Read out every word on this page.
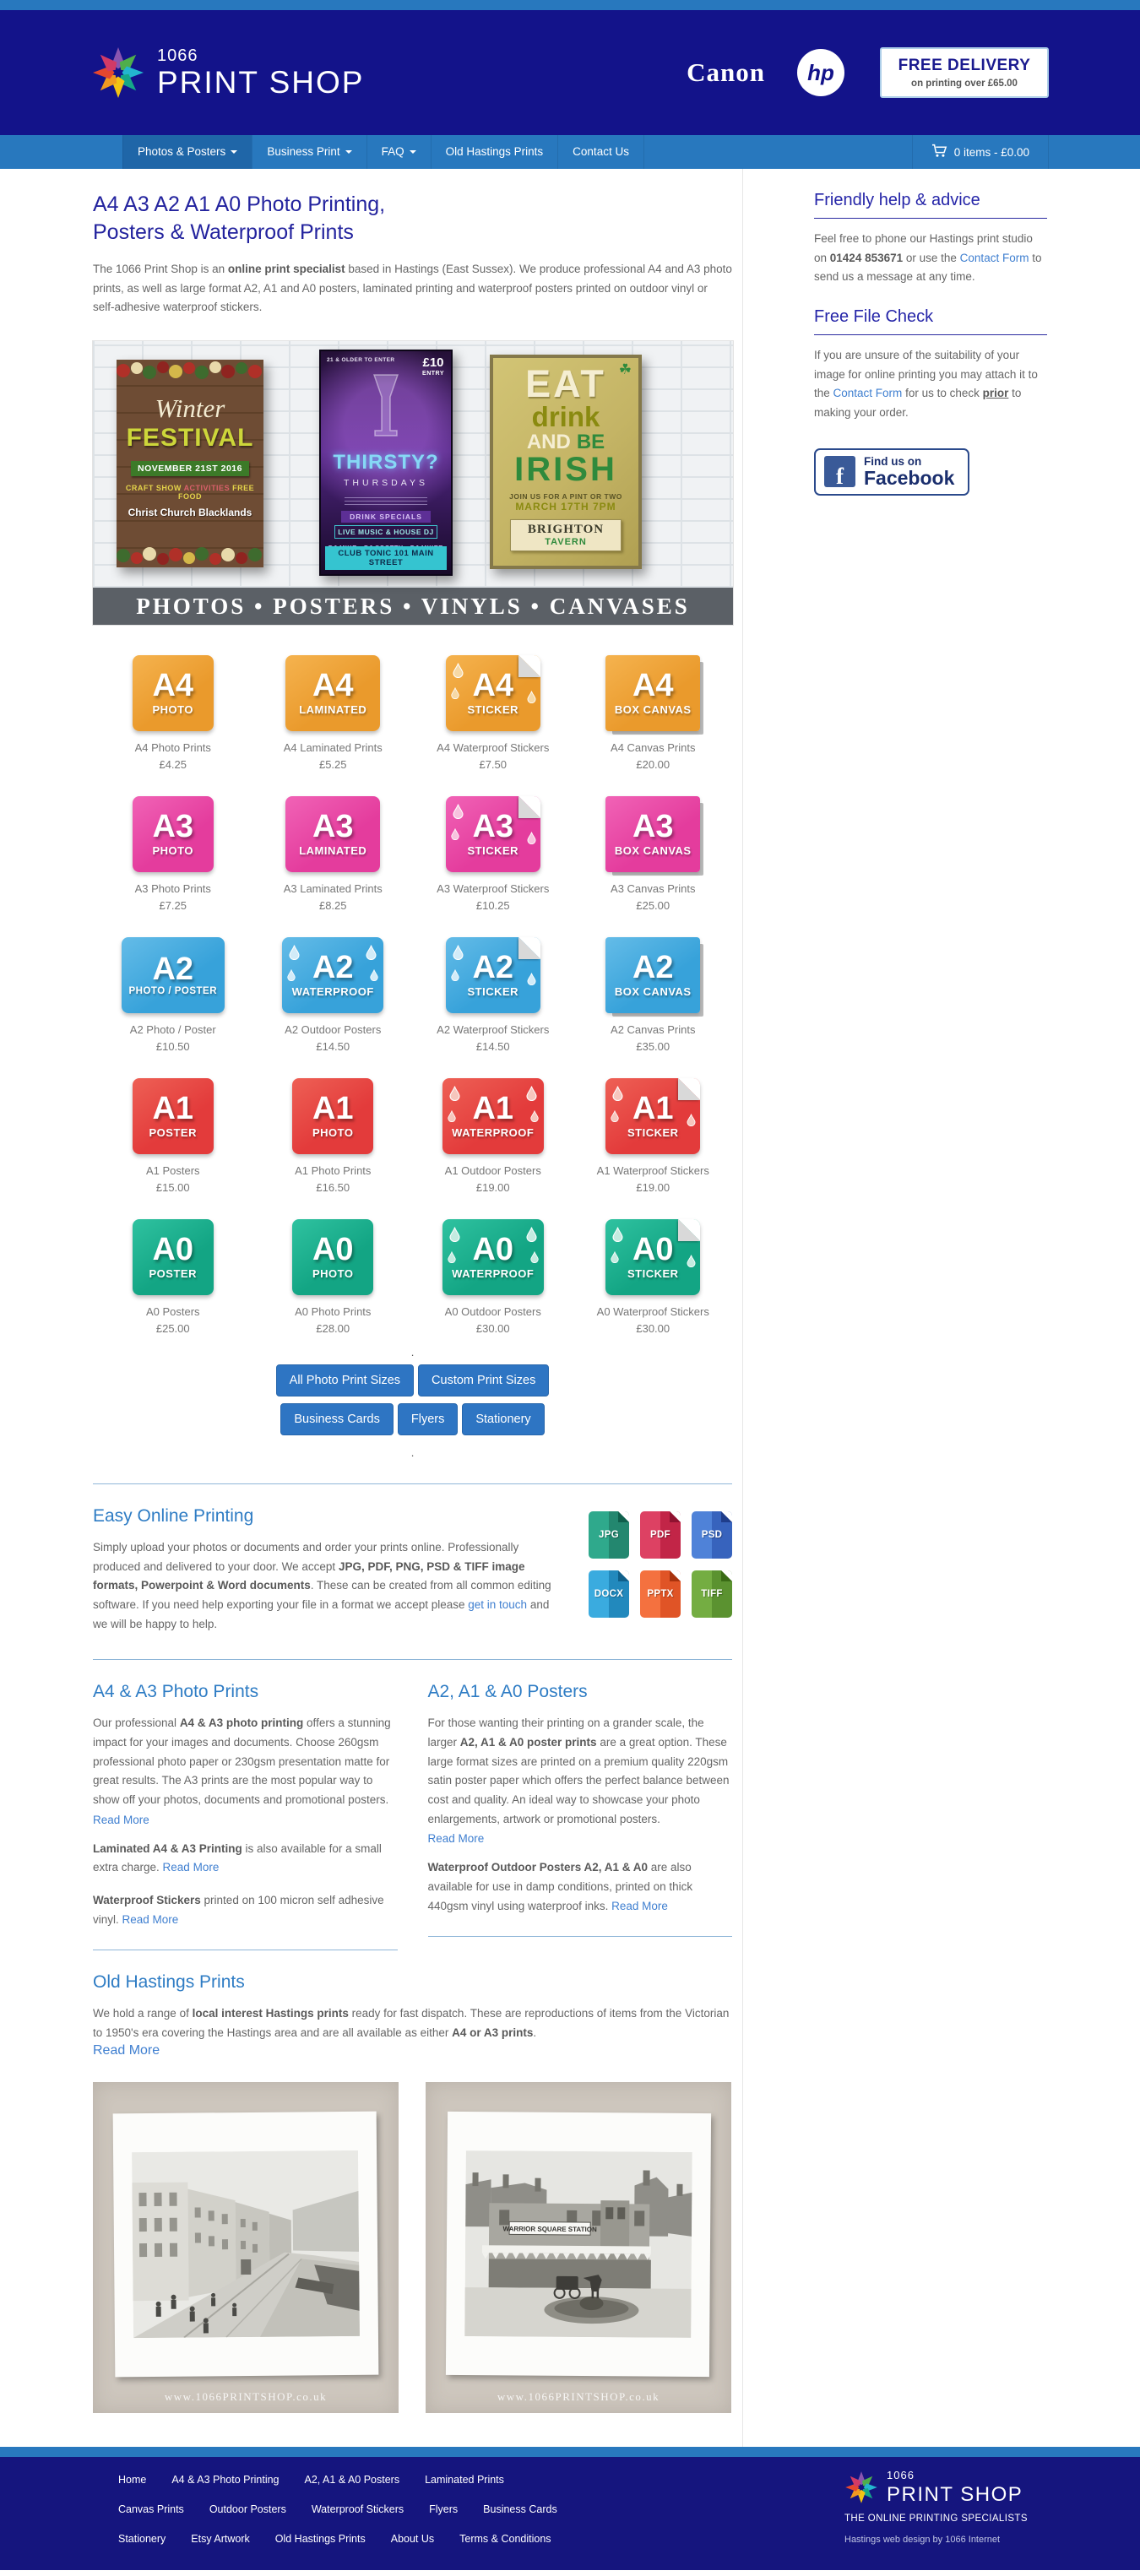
1066
PRINT SHOP	Canon	hp	FREE DELIVERY
on printing over £65.00
Photos & Posters	Business Print	FAQ	Old Hastings Prints	Contact Us	0 items - £0.00
A4 A3 A2 A1 A0 Photo Printing,
Posters & Waterproof Prints

The 1066 Print Shop is an online print specialist based in Hastings (East Sussex). We produce professional A4 and A3 photo prints, as well as large format A2, A1 and A0 posters, laminated printing and waterproof posters printed on outdoor vinyl or self-adhesive waterproof stickers.

Winter
FESTIVAL
NOVEMBER 21ST 2016
CRAFT SHOW ACTIVITIES FREE FOOD
Christ Church Blacklands
21 & OLDER TO ENTER £10
ENTRY
THIRSTY?
THURSDAYS
DRINK SPECIALS
LIVE MUSIC & HOUSE DJ
CLUB TONIC 101 MAIN STREET
☘
EAT
drink
AND BE
IRISH
JOIN US FOR A PINT OR TWO
MARCH 17TH 7PM
BRIGHTON
TAVERN
PHOTOS • POSTERS • VINYLS • CANVASES
A4
PHOTO
A4 Photo Prints
£4.25
A4
LAMINATED
A4 Laminated Prints
£5.25
A4
STICKER
A4 Waterproof Stickers
£7.50
A4
BOX CANVAS
A4 Canvas Prints
£20.00
A3
PHOTO
A3 Photo Prints
£7.25
A3
LAMINATED
A3 Laminated Prints
£8.25
A3
STICKER
A3 Waterproof Stickers
£10.25
A3
BOX CANVAS
A3 Canvas Prints
£25.00
A2
PHOTO / POSTER
A2 Photo / Poster
£10.50
A2
WATERPROOF
A2 Outdoor Posters
£14.50
A2
STICKER
A2 Waterproof Stickers
£14.50
A2
BOX CANVAS
A2 Canvas Prints
£35.00
A1
POSTER
A1 Posters
£15.00
A1
PHOTO
A1 Photo Prints
£16.50
A1
WATERPROOF
A1 Outdoor Posters
£19.00
A1
STICKER
A1 Waterproof Stickers
£19.00
A0
POSTER
A0 Posters
£25.00
A0
PHOTO
A0 Photo Prints
£28.00
A0
WATERPROOF
A0 Outdoor Posters
£30.00
A0
STICKER
A0 Waterproof Stickers
£30.00
.
All Photo Print Sizes	Custom Print Sizes
Business Cards	Flyers	Stationery
.
Easy Online Printing

Simply upload your photos or documents and order your prints online. Professionally produced and delivered to your door. We accept JPG, PDF, PNG, PSD & TIFF image formats, Powerpoint & Word documents. These can be created from all common editing software. If you need help exporting your file in a format we accept please get in touch and we will be happy to help.

JPG	PDF	PSD
DOCX PPTX	TIFF
A4 & A3 Photo Prints

Our professional A4 & A3 photo printing offers a stunning impact for your images and documents. Choose 260gsm professional photo paper or 230gsm presentation matte for great results. The A3 prints are the most popular way to show off your photos, documents and promotional posters.

Read More

Laminated A4 & A3 Printing is also available for a small extra charge. Read More

Waterproof Stickers printed on 100 micron self adhesive vinyl. Read More

A2, A1 & A0 Posters

For those wanting their printing on a grander scale, the larger A2, A1 & A0 poster prints are a great option. These large format sizes are printed on a premium quality 220gsm satin poster paper which offers the perfect balance between cost and quality. An ideal way to showcase your photo enlargements, artwork or promotional posters.

Read More

Waterproof Outdoor Posters A2, A1 & A0 are also available for use in damp conditions, printed on thick 440gsm vinyl using waterproof inks. Read More

Old Hastings Prints

We hold a range of local interest Hastings prints ready for fast dispatch. These are reproductions of items from the Victorian to 1950's era covering the Hastings area and are all available as either A4 or A3 prints.

Read More
www.1066PRINTSHOP.co.uk
WARRIOR SQUARE STATION
www.1066PRINTSHOP.co.uk
Friendly help & advice

Feel free to phone our Hastings print studio on 01424 853671 or use the Contact Form to send us a message at any time.

Free File Check

If you are unsure of the suitability of your image for online printing you may attach it to the Contact Form for us to check prior to making your order.

f
Find us on
Facebook
Home A4 & A3 Photo Printing A2, A1 & A0 Posters Laminated Prints
Canvas Prints Outdoor Posters Waterproof Stickers Flyers Business Cards
Stationery Etsy Artwork Old Hastings Prints About Us Terms & Conditions
1066
PRINT SHOP
THE ONLINE PRINTING SPECIALISTS
Hastings web design by 1066 Internet
